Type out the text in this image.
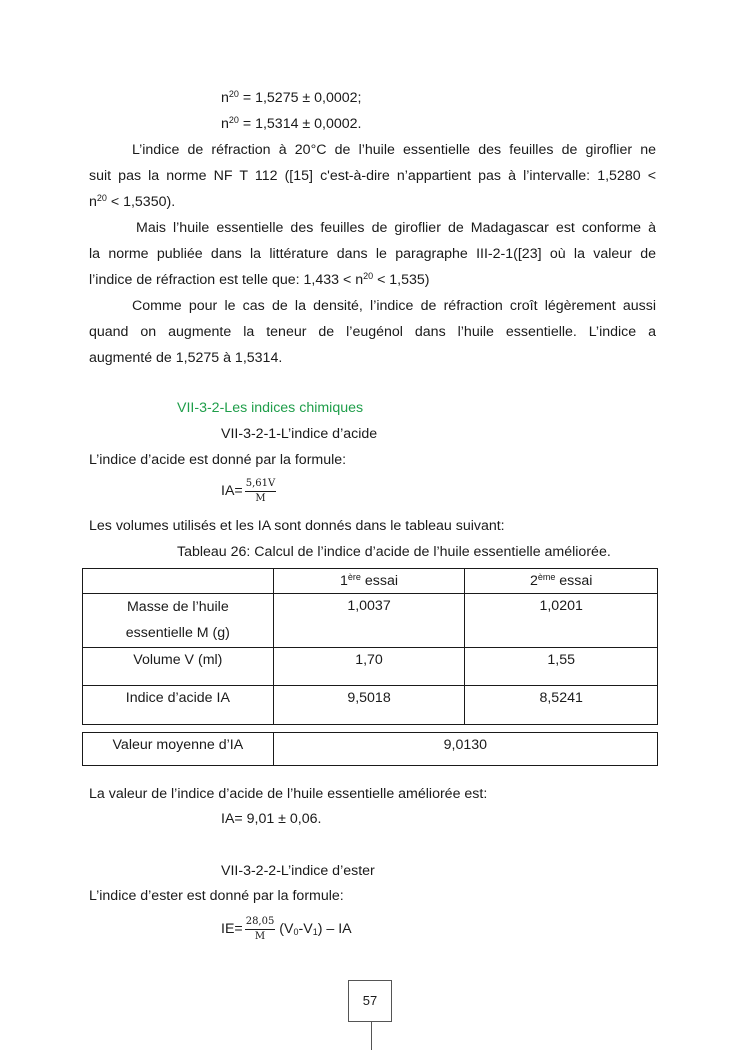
$n^{20} = 1,5275 \pm 0,0002$;
$n^{20} = 1,5314 \pm 0,0002$.
L’indice de réfraction à 20°C de l’huile essentielle des feuilles de giroflier ne
suit pas la norme NF T 112 ([15] c'est-à-dire n’appartient pas à l’intervalle: 1,5280 <
$n^{20} < 1,5350$).
Mais l’huile essentielle des feuilles de giroflier de Madagascar est conforme à
la norme publiée dans la littérature dans le paragraphe III-2-1([23] où la valeur de
l’indice de réfraction est telle que: $1,433 < n^{20} < 1,535$)
Comme pour le cas de la densité, l’indice de réfraction croît légèrement aussi
quand on augmente la teneur de l’eugénol dans l’huile essentielle. L’indice a
augmenté de 1,5275 à 1,5314.
VII-3-2-Les indices chimiques
VII-3-2-1-L’indice d’acide
L’indice d’acide est donné par la formule:
$IA= \frac{5,61V}{M}$
Les volumes utilisés et les IA sont donnés dans le tableau suivant:
Tableau 26: Calcul de l’indice d’acide de l’huile essentielle améliorée.
	1ère essai	2ème essai
Masse de l’huile
essentielle M (g)	1,0037	1,0201
Volume V (ml)	1,70	1,55
Indice d’acide IA	9,5018	8,5241

Valeur moyenne d’IA	9,0130	
La valeur de l’indice d’acide de l’huile essentielle améliorée est:
IA= 9,01 ± 0,06.
VII-3-2-2-L’indice d’ester
L’indice d’ester est donné par la formule:
$IE= \frac{28,05}{M} (V_0-V_1)$ – IA
57
